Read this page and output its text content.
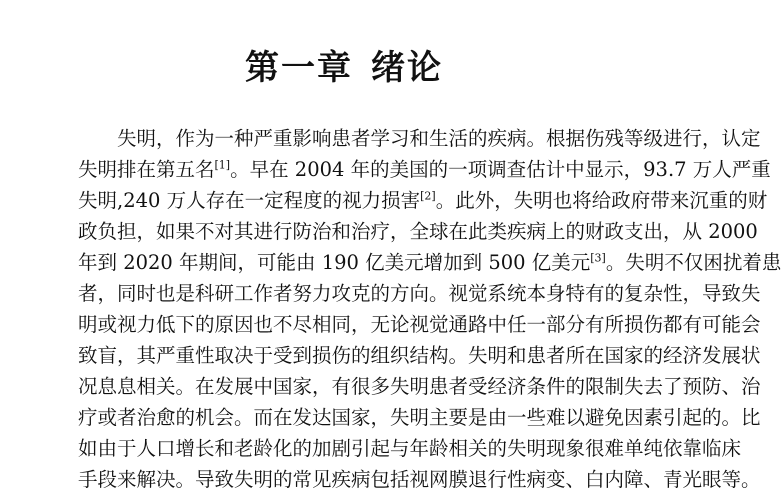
第一章 绪论
失明，作为一种严重影响患者学习和生活的疾病。根据伤残等级进行，认定
失明排在第五名[1]。早在 2004 年的美国的一项调查估计中显示，93.7 万人严重
失明,240 万人存在一定程度的视力损害[2]。此外，失明也将给政府带来沉重的财
政负担，如果不对其进行防治和治疗，全球在此类疾病上的财政支出，从 2000
年到 2020 年期间，可能由 190 亿美元增加到 500 亿美元[3]。失明不仅困扰着患
者，同时也是科研工作者努力攻克的方向。视觉系统本身特有的复杂性，导致失
明或视力低下的原因也不尽相同，无论视觉通路中任一部分有所损伤都有可能会
致盲，其严重性取决于受到损伤的组织结构。失明和患者所在国家的经济发展状
况息息相关。在发展中国家，有很多失明患者受经济条件的限制失去了预防、治
疗或者治愈的机会。而在发达国家，失明主要是由一些难以避免因素引起的。比
如由于人口增长和老龄化的加剧引起与年龄相关的失明现象很难单纯依靠临床
手段来解决。导致失明的常见疾病包括视网膜退行性病变、白内障、青光眼等。
